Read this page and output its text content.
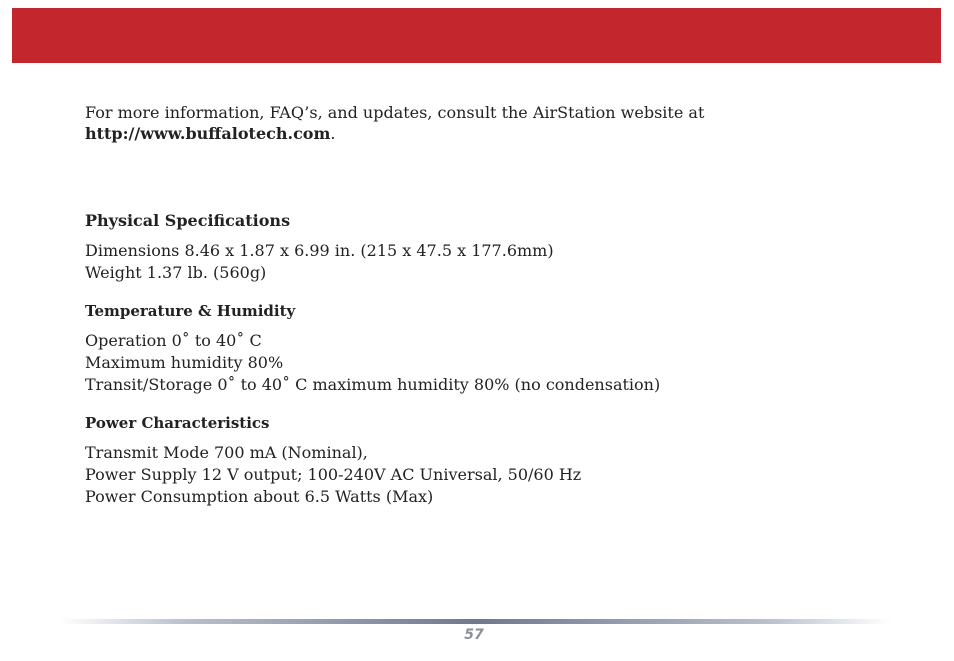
For more information, FAQ’s, and updates, consult the AirStation website at
http://www.buffalotech.com.

Physical Specifications

Dimensions 8.46 x 1.87 x 6.99 in. (215 x 47.5 x 177.6mm)

Weight 1.37 lb. (560g)

Temperature & Humidity

Operation 0˚ to 40˚ C

Maximum humidity 80%

Transit/Storage 0˚ to 40˚ C maximum humidity 80% (no condensation)

Power Characteristics

Transmit Mode 700 mA (Nominal),

Power Supply 12 V output; 100-240V AC Universal, 50/60 Hz

Power Consumption about 6.5 Watts (Max)

57
